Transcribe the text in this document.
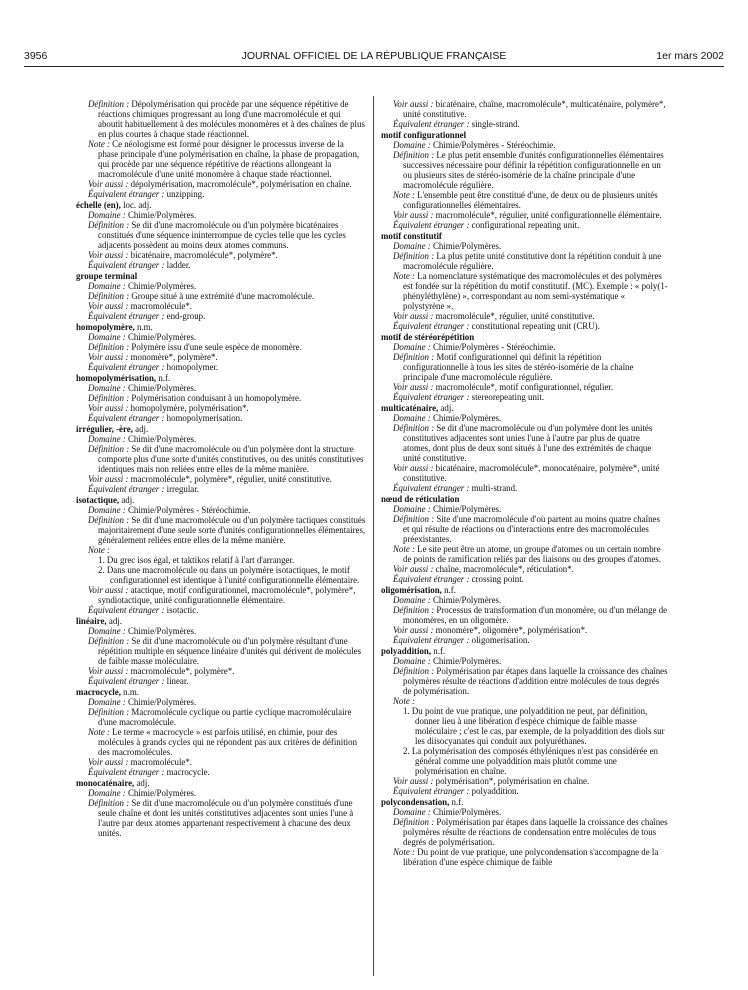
3956	JOURNAL OFFICIEL DE LA RÉPUBLIQUE FRANÇAISE	1er mars 2002
Définition : Dépolymérisation qui procède par une séquence répétitive de réactions chimiques progressant au long d'une macromolécule et qui aboutit habituellement à des molécules monomères et à des chaînes de plus en plus courtes à chaque stade réactionnel.
Note : Ce néologisme est formé pour désigner le processus inverse de la phase principale d'une polymérisation en chaîne, la phase de propagation, qui procède par une séquence répétitive de réactions allongeant la macromolécule d'une unité monomère à chaque stade réactionnel.
Voir aussi : dépolymérisation, macromolécule*, polymérisation en chaîne.
Équivalent étranger : unzipping.
échelle (en), loc. adj.
Domaine : Chimie/Polymères.
Définition : Se dit d'une macromolécule ou d'un polymère bicaténaires constitués d'une séquence ininterrompue de cycles telle que les cycles adjacents possèdent au moins deux atomes communs.
Voir aussi : bicaténaire, macromolécule*, polymère*.
Équivalent étranger : ladder.
groupe terminal
Domaine : Chimie/Polymères.
Définition : Groupe situé à une extrémité d'une macromolécule.
Voir aussi : macromolécule*.
Équivalent étranger : end-group.
homopolymère, n.m.
Domaine : Chimie/Polymères.
Définition : Polymère issu d'une seule espèce de monomère.
Voir aussi : monomère*, polymère*.
Équivalent étranger : homopolymer.
homopolymérisation, n.f.
Domaine : Chimie/Polymères.
Définition : Polymérisation conduisant à un homopolymère.
Voir aussi : homopolymère, polymérisation*.
Équivalent étranger : homopolymerisation.
irrégulier, -ère, adj.
Domaine : Chimie/Polymères.
Définition : Se dit d'une macromolécule ou d'un polymère dont la structure comporte plus d'une sorte d'unités constitutives, ou des unités constitutives identiques mais non reliées entre elles de la même manière.
Voir aussi : macromolécule*, polymère*, régulier, unité constitutive.
Équivalent étranger : irregular.
isotactique, adj.
Domaine : Chimie/Polymères - Stéréochimie.
Définition : Se dit d'une macromolécule ou d'un polymère tactiques constitués majoritairement d'une seule sorte d'unités configurationnelles élémentaires, généralement reliées entre elles de la même manière.
Note :
1. Du grec isos égal, et taktikos relatif à l'art d'arranger.
2. Dans une macromolécule ou dans un polymère isotactiques, le motif configurationnel est identique à l'unité configurationnelle élémentaire.
Voir aussi : atactique, motif configurationnel, macromolécule*, polymère*, syndiotactique, unité configurationnelle élémentaire.
Équivalent étranger : isotactic.
linéaire, adj.
Domaine : Chimie/Polymères.
Définition : Se dit d'une macromolécule ou d'un polymère résultant d'une répétition multiple en séquence linéaire d'unités qui dérivent de molécules de faible masse moléculaire.
Voir aussi : macromolécule*, polymère*.
Équivalent étranger : linear.
macrocycle, n.m.
Domaine : Chimie/Polymères.
Définition : Macromolécule cyclique ou partie cyclique macromoléculaire d'une macromolécule.
Note : Le terme « macrocycle » est parfois utilisé, en chimie, pour des molécules à grands cycles qui ne répondent pas aux critères de définition des macromolécules.
Voir aussi : macromolécule*.
Équivalent étranger : macrocycle.
monocaténaire, adj.
Domaine : Chimie/Polymères.
Définition : Se dit d'une macromolécule ou d'un polymère constitués d'une seule chaîne et dont les unités constitutives adjacentes sont unies l'une à l'autre par deux atomes appartenant respectivement à chacune des deux unités.
Voir aussi : bicaténaire, chaîne, macromolécule*, multicaténaire, polymère*, unité constitutive.
Équivalent étranger : single-strand.
motif configurationnel
Domaine : Chimie/Polymères - Stéréochimie.
Définition : Le plus petit ensemble d'unités configurationnelles élémentaires successives nécessaire pour définir la répétition configurationnelle en un ou plusieurs sites de stéréo-isomérie de la chaîne principale d'une macromolécule régulière.
Note : L'ensemble peut être constitué d'une, de deux ou de plusieurs unités configurationnelles élémentaires.
Voir aussi : macromolécule*, régulier, unité configurationnelle élémentaire.
Équivalent étranger : configurational repeating unit.
motif constitutif
Domaine : Chimie/Polymères.
Définition : La plus petite unité constitutive dont la répétition conduit à une macromolécule régulière.
Note : La nomenclature systématique des macromolécules et des polymères est fondée sur la répétition du motif constitutif. (MC). Exemple : « poly(1-phényléthylène) », correspondant au nom semi-systématique « polystyrène ».
Voir aussi : macromolécule*, régulier, unité constitutive.
Équivalent étranger : constitutional repeating unit (CRU).
motif de stéréorépétition
Domaine : Chimie/Polymères - Stéréochimie.
Définition : Motif configurationnel qui définit la répétition configurationnelle à tous les sites de stéréo-isomérie de la chaîne principale d'une macromolécule régulière.
Voir aussi : macromolécule*, motif configurationnel, régulier.
Équivalent étranger : stereorepeating unit.
multicaténaire, adj.
Domaine : Chimie/Polymères.
Définition : Se dit d'une macromolécule ou d'un polymère dont les unités constitutives adjacentes sont unies l'une à l'autre par plus de quatre atomes, dont plus de deux sont situés à l'une des extrémités de chaque unité constitutive.
Voir aussi : bicaténaire, macromolécule*, monocaténaire, polymère*, unité constitutive.
Équivalent étranger : multi-strand.
nœud de réticulation
Domaine : Chimie/Polymères.
Définition : Site d'une macromolécule d'où partent au moins quatre chaînes et qui résulte de réactions ou d'interactions entre des macromolécules préexistantes.
Note : Le site peut être un atome, un groupe d'atomes ou un certain nombre de points de ramification reliés par des liaisons ou des groupes d'atomes.
Voir aussi : chaîne, macromolécule*, réticulation*.
Équivalent étranger : crossing point.
oligomérisation, n.f.
Domaine : Chimie/Polymères.
Définition : Processus de transformation d'un monomère, ou d'un mélange de monomères, en un oligomère.
Voir aussi : monomère*, oligomère*, polymérisation*.
Équivalent étranger : oligomerisation.
polyaddition, n.f.
Domaine : Chimie/Polymères.
Définition : Polymérisation par étapes dans laquelle la croissance des chaînes polymères résulte de réactions d'addition entre molécules de tous degrés de polymérisation.
Note :
1. Du point de vue pratique, une polyaddition ne peut, par définition, donner lieu à une libération d'espèce chimique de faible masse moléculaire ; c'est le cas, par exemple, de la polyaddition des diols sur les diisocyanates qui conduit aux polyuréthanes.
2. La polymérisation des composés éthyléniques n'est pas considérée en général comme une polyaddition mais plutôt comme une polymérisation en chaîne.
Voir aussi : polymérisation*, polymérisation en chaîne.
Équivalent étranger : polyaddition.
polycondensation, n.f.
Domaine : Chimie/Polymères.
Définition : Polymérisation par étapes dans laquelle la croissance des chaînes polymères résulte de réactions de condensation entre molécules de tous degrés de polymérisation.
Note : Du point de vue pratique, une polycondensation s'accompagne de la libération d'une espèce chimique de faible
